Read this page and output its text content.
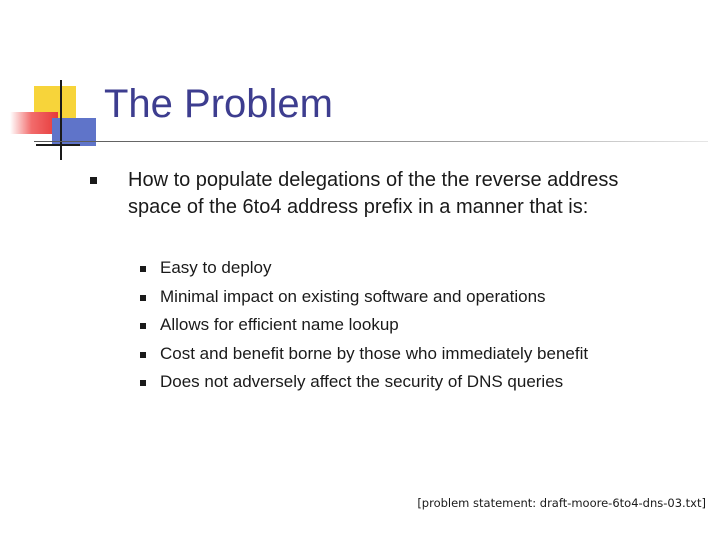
The Problem
How to populate delegations of the the reverse address space of the 6to4 address prefix in a manner that is:
Easy to deploy
Minimal impact on existing software and operations
Allows for efficient name lookup
Cost and benefit borne by those who immediately benefit
Does not adversely affect the security of DNS queries
[problem statement: draft-moore-6to4-dns-03.txt]
